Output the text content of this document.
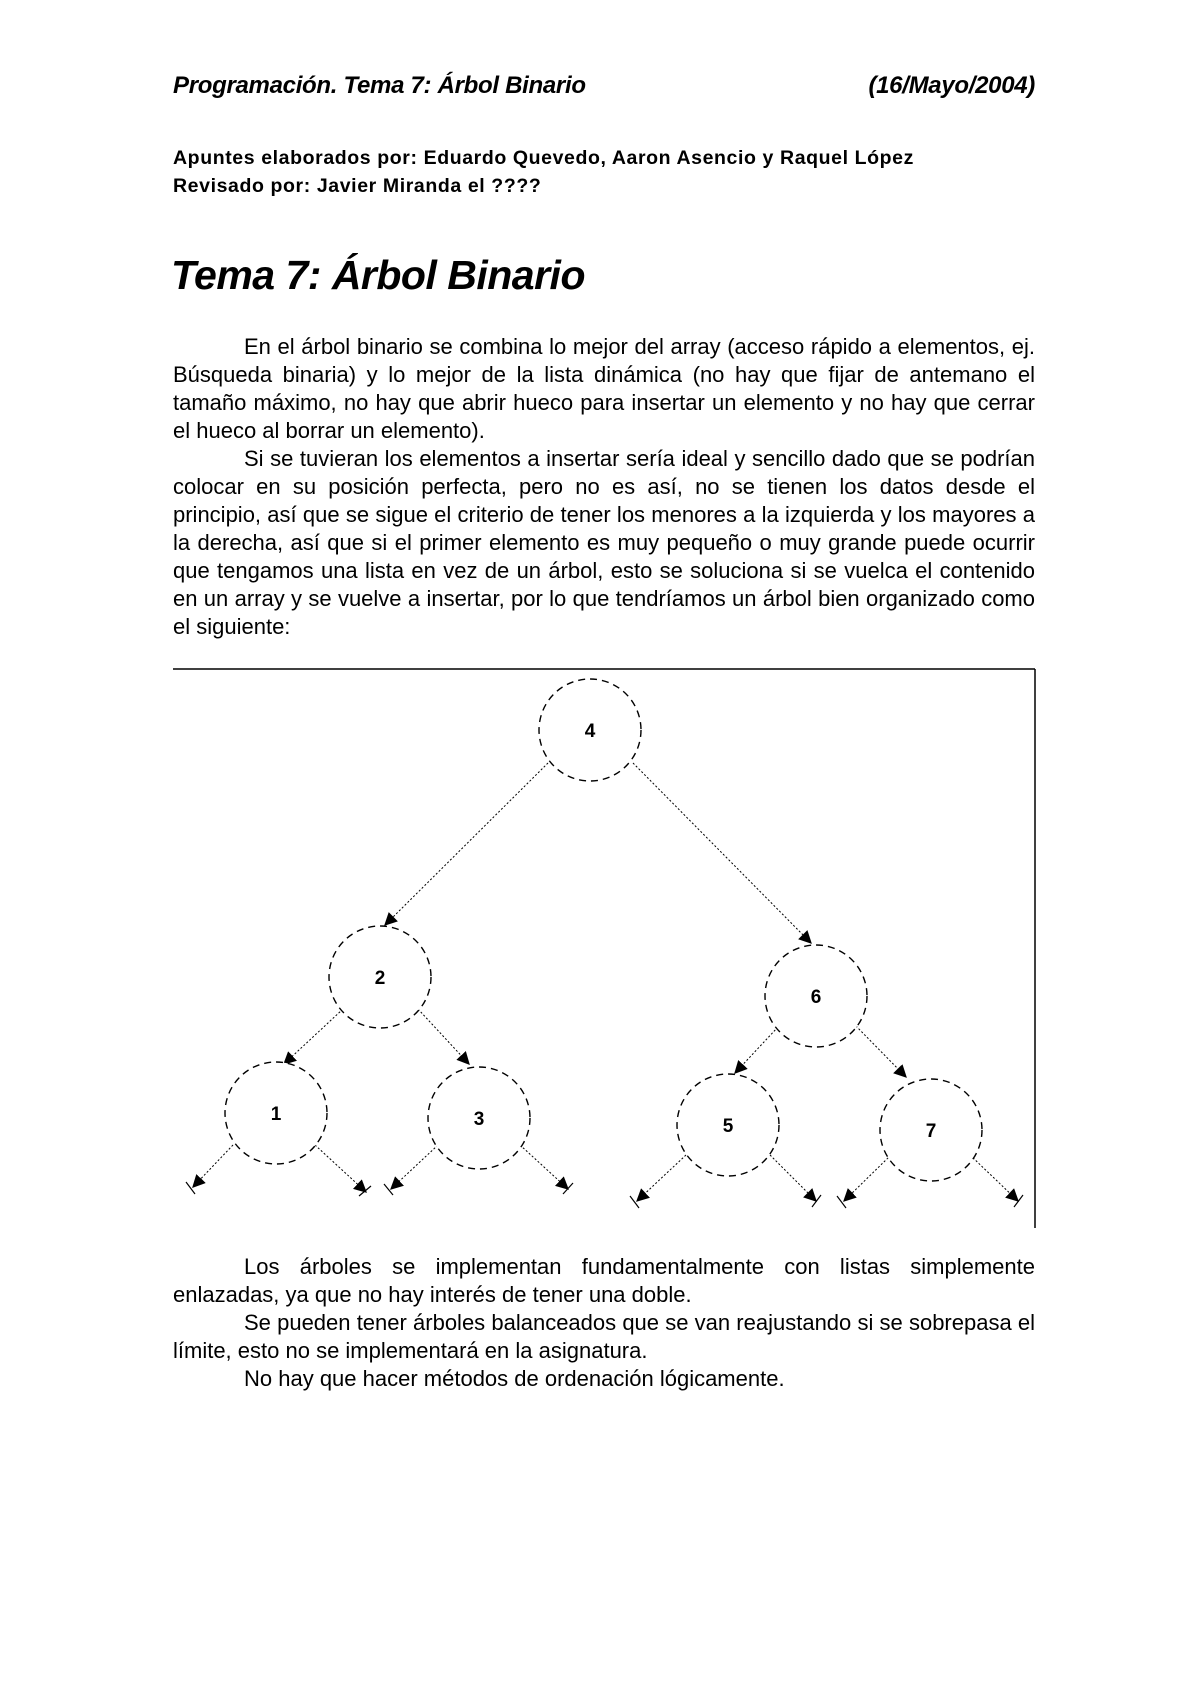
Programación. Tema 7: Árbol Binario	(16/Mayo/2004)
Apuntes elaborados por: Eduardo Quevedo, Aaron Asencio y Raquel López
Revisado por: Javier Miranda el ????
Tema 7: Árbol Binario

En el árbol binario se combina lo mejor del array (acceso rápido a elementos, ej. Búsqueda binaria) y lo mejor de la lista dinámica (no hay que fijar de antemano el tamaño máximo, no hay que abrir hueco para insertar un elemento y no hay que cerrar el hueco al borrar un elemento).

Si se tuvieran los elementos a insertar sería ideal y sencillo dado que se podrían colocar en su posición perfecta, pero no es así, no se tienen los datos desde el principio, así que se sigue el criterio de tener los menores a la izquierda y los mayores a la derecha, así que si el primer elemento es muy pequeño o muy grande puede ocurrir que tengamos una lista en vez de un árbol, esto se soluciona si se vuelca el contenido en un array y se vuelve a insertar, por lo que tendríamos un árbol bien organizado como el siguiente:

4
2
6
1	3	5	7

Los árboles se implementan fundamentalmente con listas simplemente enlazadas, ya que no hay interés de tener una doble.

Se pueden tener árboles balanceados que se van reajustando si se sobrepasa el límite, esto no se implementará en la asignatura.

No hay que hacer métodos de ordenación lógicamente.
